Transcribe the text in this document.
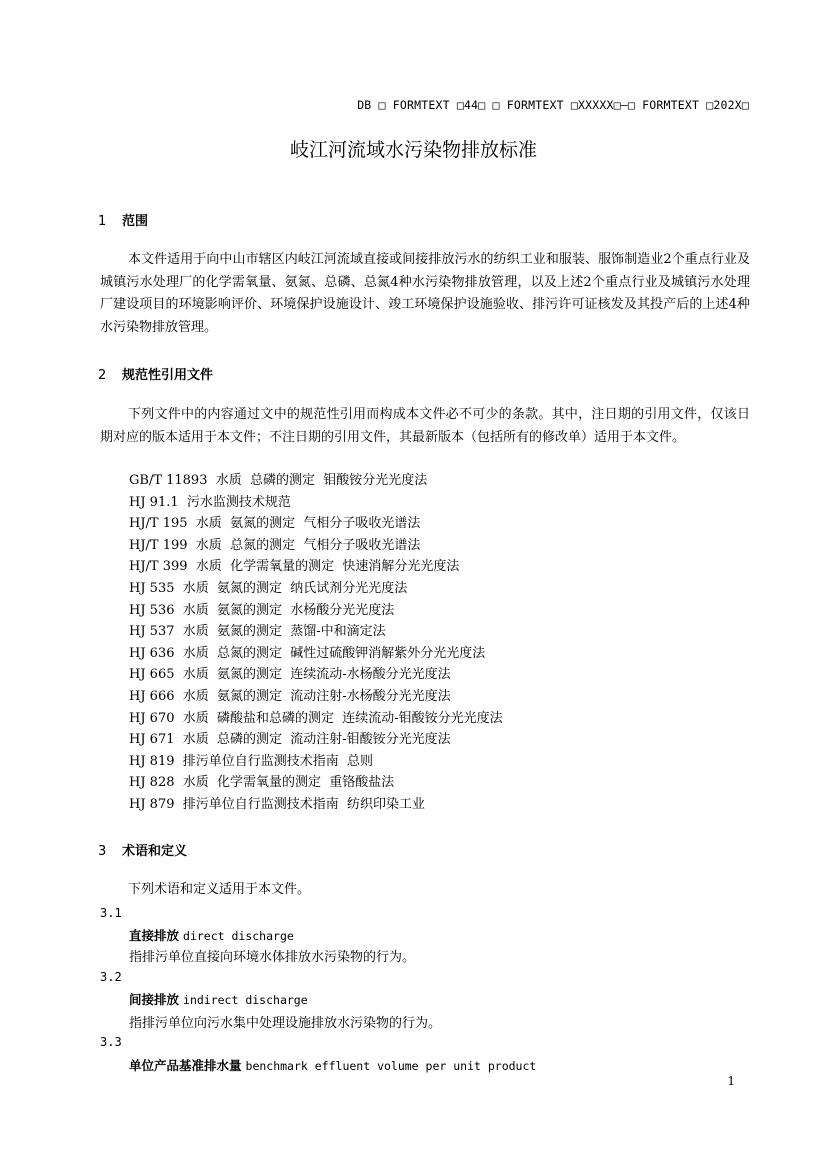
DB □ FORMTEXT □44□ □ FORMTEXT □XXXXX□—□ FORMTEXT □202X□
岐江河流域水污染物排放标准
1 范围
本文件适用于向中山市辖区内岐江河流域直接或间接排放污水的纺织工业和服装、服饰制造业2个重点行业及城镇污水处理厂的化学需氧量、氨氮、总磷、总氮4种水污染物排放管理，以及上述2个重点行业及城镇污水处理厂建设项目的环境影响评价、环境保护设施设计、竣工环境保护设施验收、排污许可证核发及其投产后的上述4种水污染物排放管理。
2 规范性引用文件
下列文件中的内容通过文中的规范性引用而构成本文件必不可少的条款。其中，注日期的引用文件，仅该日期对应的版本适用于本文件；不注日期的引用文件，其最新版本（包括所有的修改单）适用于本文件。
GB/T 11893  水质  总磷的测定  钼酸铵分光光度法
HJ 91.1  污水监测技术规范
HJ/T 195  水质  氨氮的测定  气相分子吸收光谱法
HJ/T 199  水质  总氮的测定  气相分子吸收光谱法
HJ/T 399  水质  化学需氧量的测定  快速消解分光光度法
HJ 535  水质  氨氮的测定  纳氏试剂分光光度法
HJ 536  水质  氨氮的测定  水杨酸分光光度法
HJ 537  水质  氨氮的测定  蒸馏-中和滴定法
HJ 636  水质  总氮的测定  碱性过硫酸钾消解紫外分光光度法
HJ 665  水质  氨氮的测定  连续流动-水杨酸分光光度法
HJ 666  水质  氨氮的测定  流动注射-水杨酸分光光度法
HJ 670  水质  磷酸盐和总磷的测定  连续流动-钼酸铵分光光度法
HJ 671  水质  总磷的测定  流动注射-钼酸铵分光光度法
HJ 819  排污单位自行监测技术指南  总则
HJ 828  水质  化学需氧量的测定  重铬酸盐法
HJ 879  排污单位自行监测技术指南  纺织印染工业
3 术语和定义
下列术语和定义适用于本文件。
3.1
直接排放 direct discharge
指排污单位直接向环境水体排放水污染物的行为。
3.2
间接排放 indirect discharge
指排污单位向污水集中处理设施排放水污染物的行为。
3.3
单位产品基准排水量 benchmark effluent volume per unit product
1
